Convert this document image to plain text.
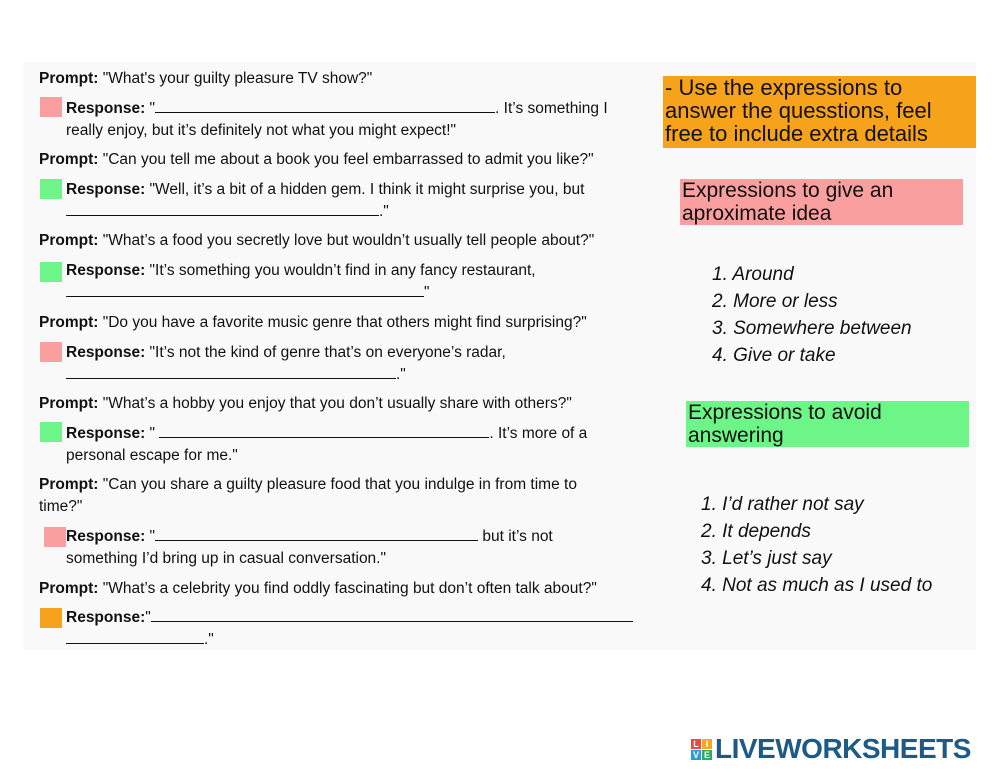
Prompt: "What's your guilty pleasure TV show?"
Response: "	. It’s something I
really enjoy, but it’s definitely not what you might expect!"
Prompt: "Can you tell me about a book you feel embarrassed to admit you like?"
Response: "Well, it’s a bit of a hidden gem. I think it might surprise you, but
."
Prompt: "What’s a food you secretly love but wouldn’t usually tell people about?"
Response: "It’s something you wouldn’t find in any fancy restaurant,
"
Prompt: "Do you have a favorite music genre that others might find surprising?"
Response: "It’s not the kind of genre that’s on everyone’s radar,
."
Prompt: "What’s a hobby you enjoy that you don’t usually share with others?"
Response: "	. It’s more of a
personal escape for me."
Prompt: "Can you share a guilty pleasure food that you indulge in from time to
time?"
Response: "	but it’s not
something I’d bring up in casual conversation."
Prompt: "What’s a celebrity you find oddly fascinating but don’t often talk about?"
Response:"
."
- Use the expressions to
answer the quesstions, feel
free to include extra details
Expressions to give an
aproximate idea
1. Around
2. More or less
3. Somewhere between
4. Give or take
Expressions to avoid
answering
1. I’d rather not say
2. It depends
3. Let’s just say
4. Not as much as I used to
L I
V E LIVEWORKSHEETS
